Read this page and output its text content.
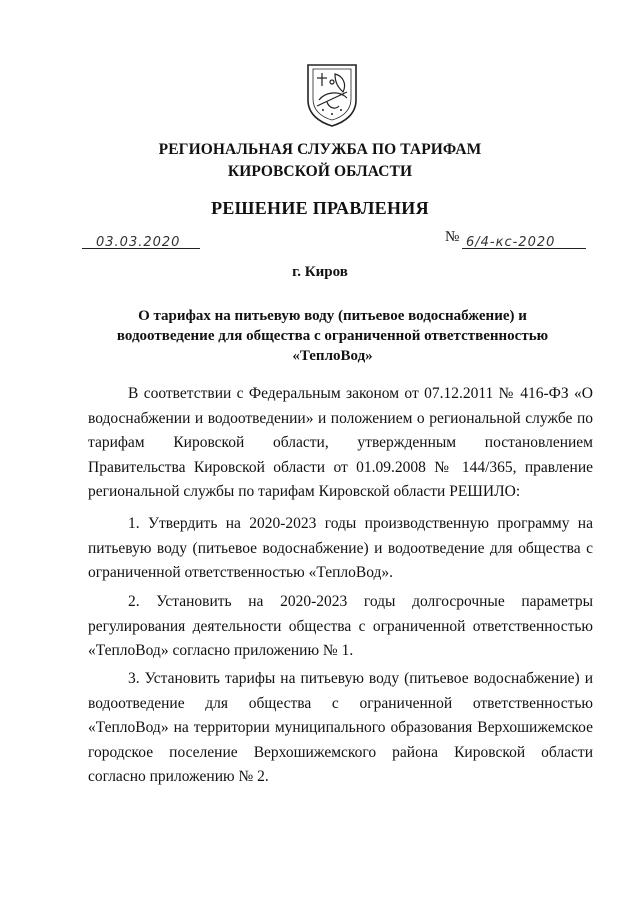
РЕГИОНАЛЬНАЯ СЛУЖБА ПО ТАРИФАМ
КИРОВСКОЙ ОБЛАСТИ
РЕШЕНИЕ ПРАВЛЕНИЯ
03.03.2020	№ 6/4-кс-2020
г. Киров
О тарифах на питьевую воду (питьевое водоснабжение) и
водоотведение для общества с ограниченной ответственностью
«ТеплоВод»

В соответствии с Федеральным законом от 07.12.2011 № 416-ФЗ «О водоснабжении и водоотведении» и положением о региональной службе по тарифам Кировской области, утвержденным постановлением Правительства Кировской области от 01.09.2008 № 144/365, правление региональной службы по тарифам Кировской области РЕШИЛО:

1. Утвердить на 2020-2023 годы производственную программу на питьевую воду (питьевое водоснабжение) и водоотведение для общества с ограниченной ответственностью «ТеплоВод».

2. Установить на 2020-2023 годы долгосрочные параметры регулирования деятельности общества с ограниченной ответственностью «ТеплоВод» согласно приложению № 1.

3. Установить тарифы на питьевую воду (питьевое водоснабжение) и водоотведение для общества с ограниченной ответственностью «ТеплоВод» на территории муниципального образования Верхошижемское городское поселение Верхошижемского района Кировской области согласно приложению № 2.
